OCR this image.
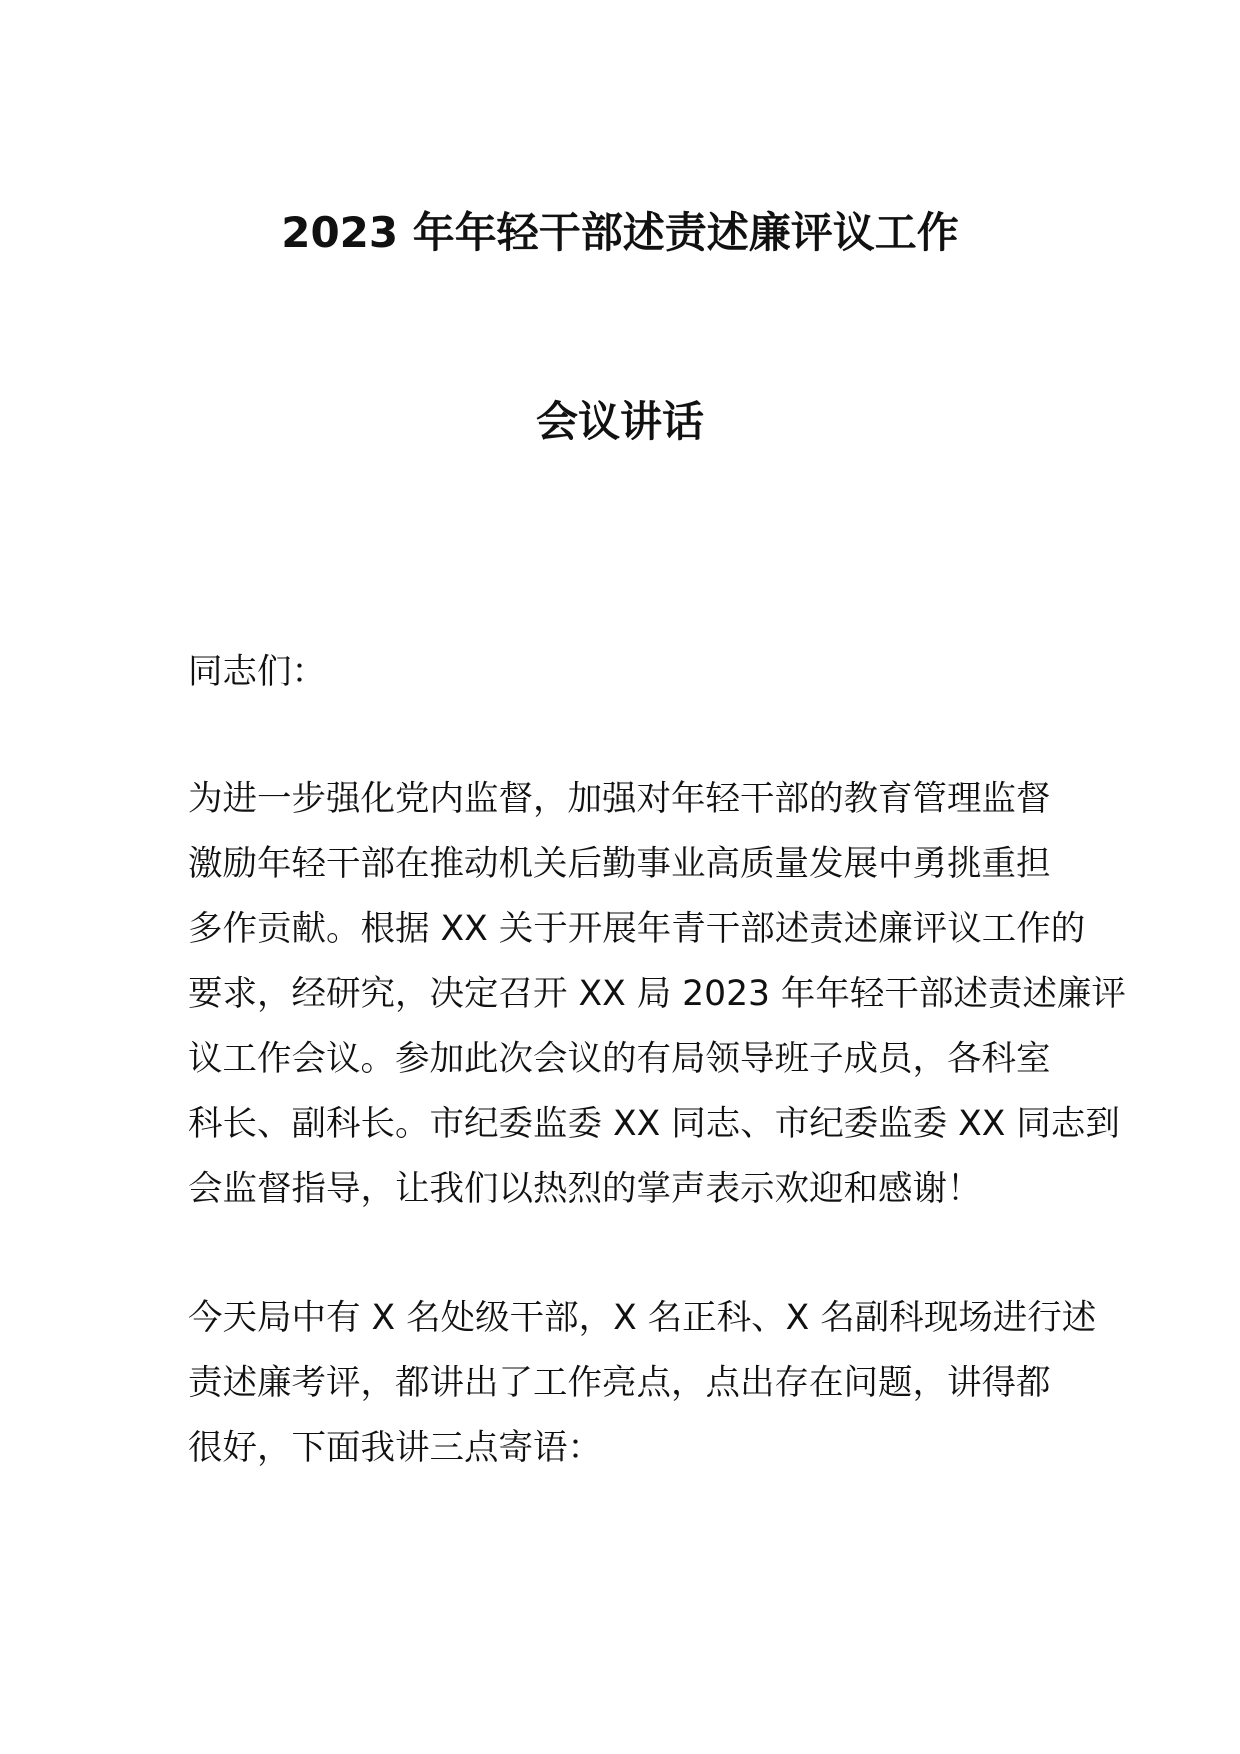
2023 年年轻干部述责述廉评议工作
会议讲话
同志们：
为进一步强化党内监督，加强对年轻干部的教育管理监督
激励年轻干部在推动机关后勤事业高质量发展中勇挑重担
多作贡献。根据 XX 关于开展年青干部述责述廉评议工作的
要求，经研究，决定召开 XX 局 2023 年年轻干部述责述廉评
议工作会议。参加此次会议的有局领导班子成员，各科室
科长、副科长。市纪委监委 XX 同志、市纪委监委 XX 同志到
会监督指导，让我们以热烈的掌声表示欢迎和感谢！
今天局中有 X 名处级干部，X 名正科、X 名副科现场进行述
责述廉考评，都讲出了工作亮点，点出存在问题，讲得都
很好，下面我讲三点寄语：
